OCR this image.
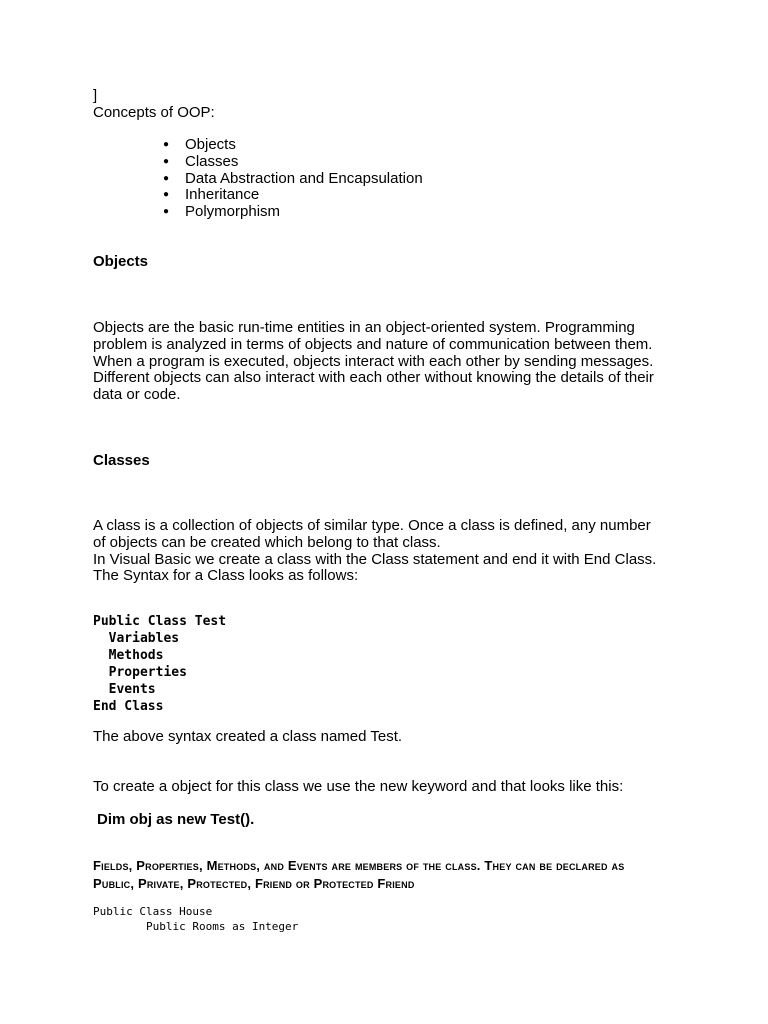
]

Concepts of OOP:

● Objects
● Classes
● Data Abstraction and Encapsulation
● Inheritance
● Polymorphism
Objects
Objects are the basic run-time entities in an object-oriented system. Programming
problem is analyzed in terms of objects and nature of communication between them.
When a program is executed, objects interact with each other by sending messages.
Different objects can also interact with each other without knowing the details of their
data or code.
Classes
A class is a collection of objects of similar type. Once a class is defined, any number
of objects can be created which belong to that class.
In Visual Basic we create a class with the Class statement and end it with End Class.
The Syntax for a Class looks as follows:
Public Class Test
Variables
Methods
Properties
Events
End Class

The above syntax created a class named Test.

To create a object for this class we use the new keyword and that looks like this:

Dim obj as new Test().

Fields, Properties, Methods, and Events are members of the class. They can be declared as
Public, Private, Protected, Friend or Protected Friend
Public Class House
Public Rooms as Integer
